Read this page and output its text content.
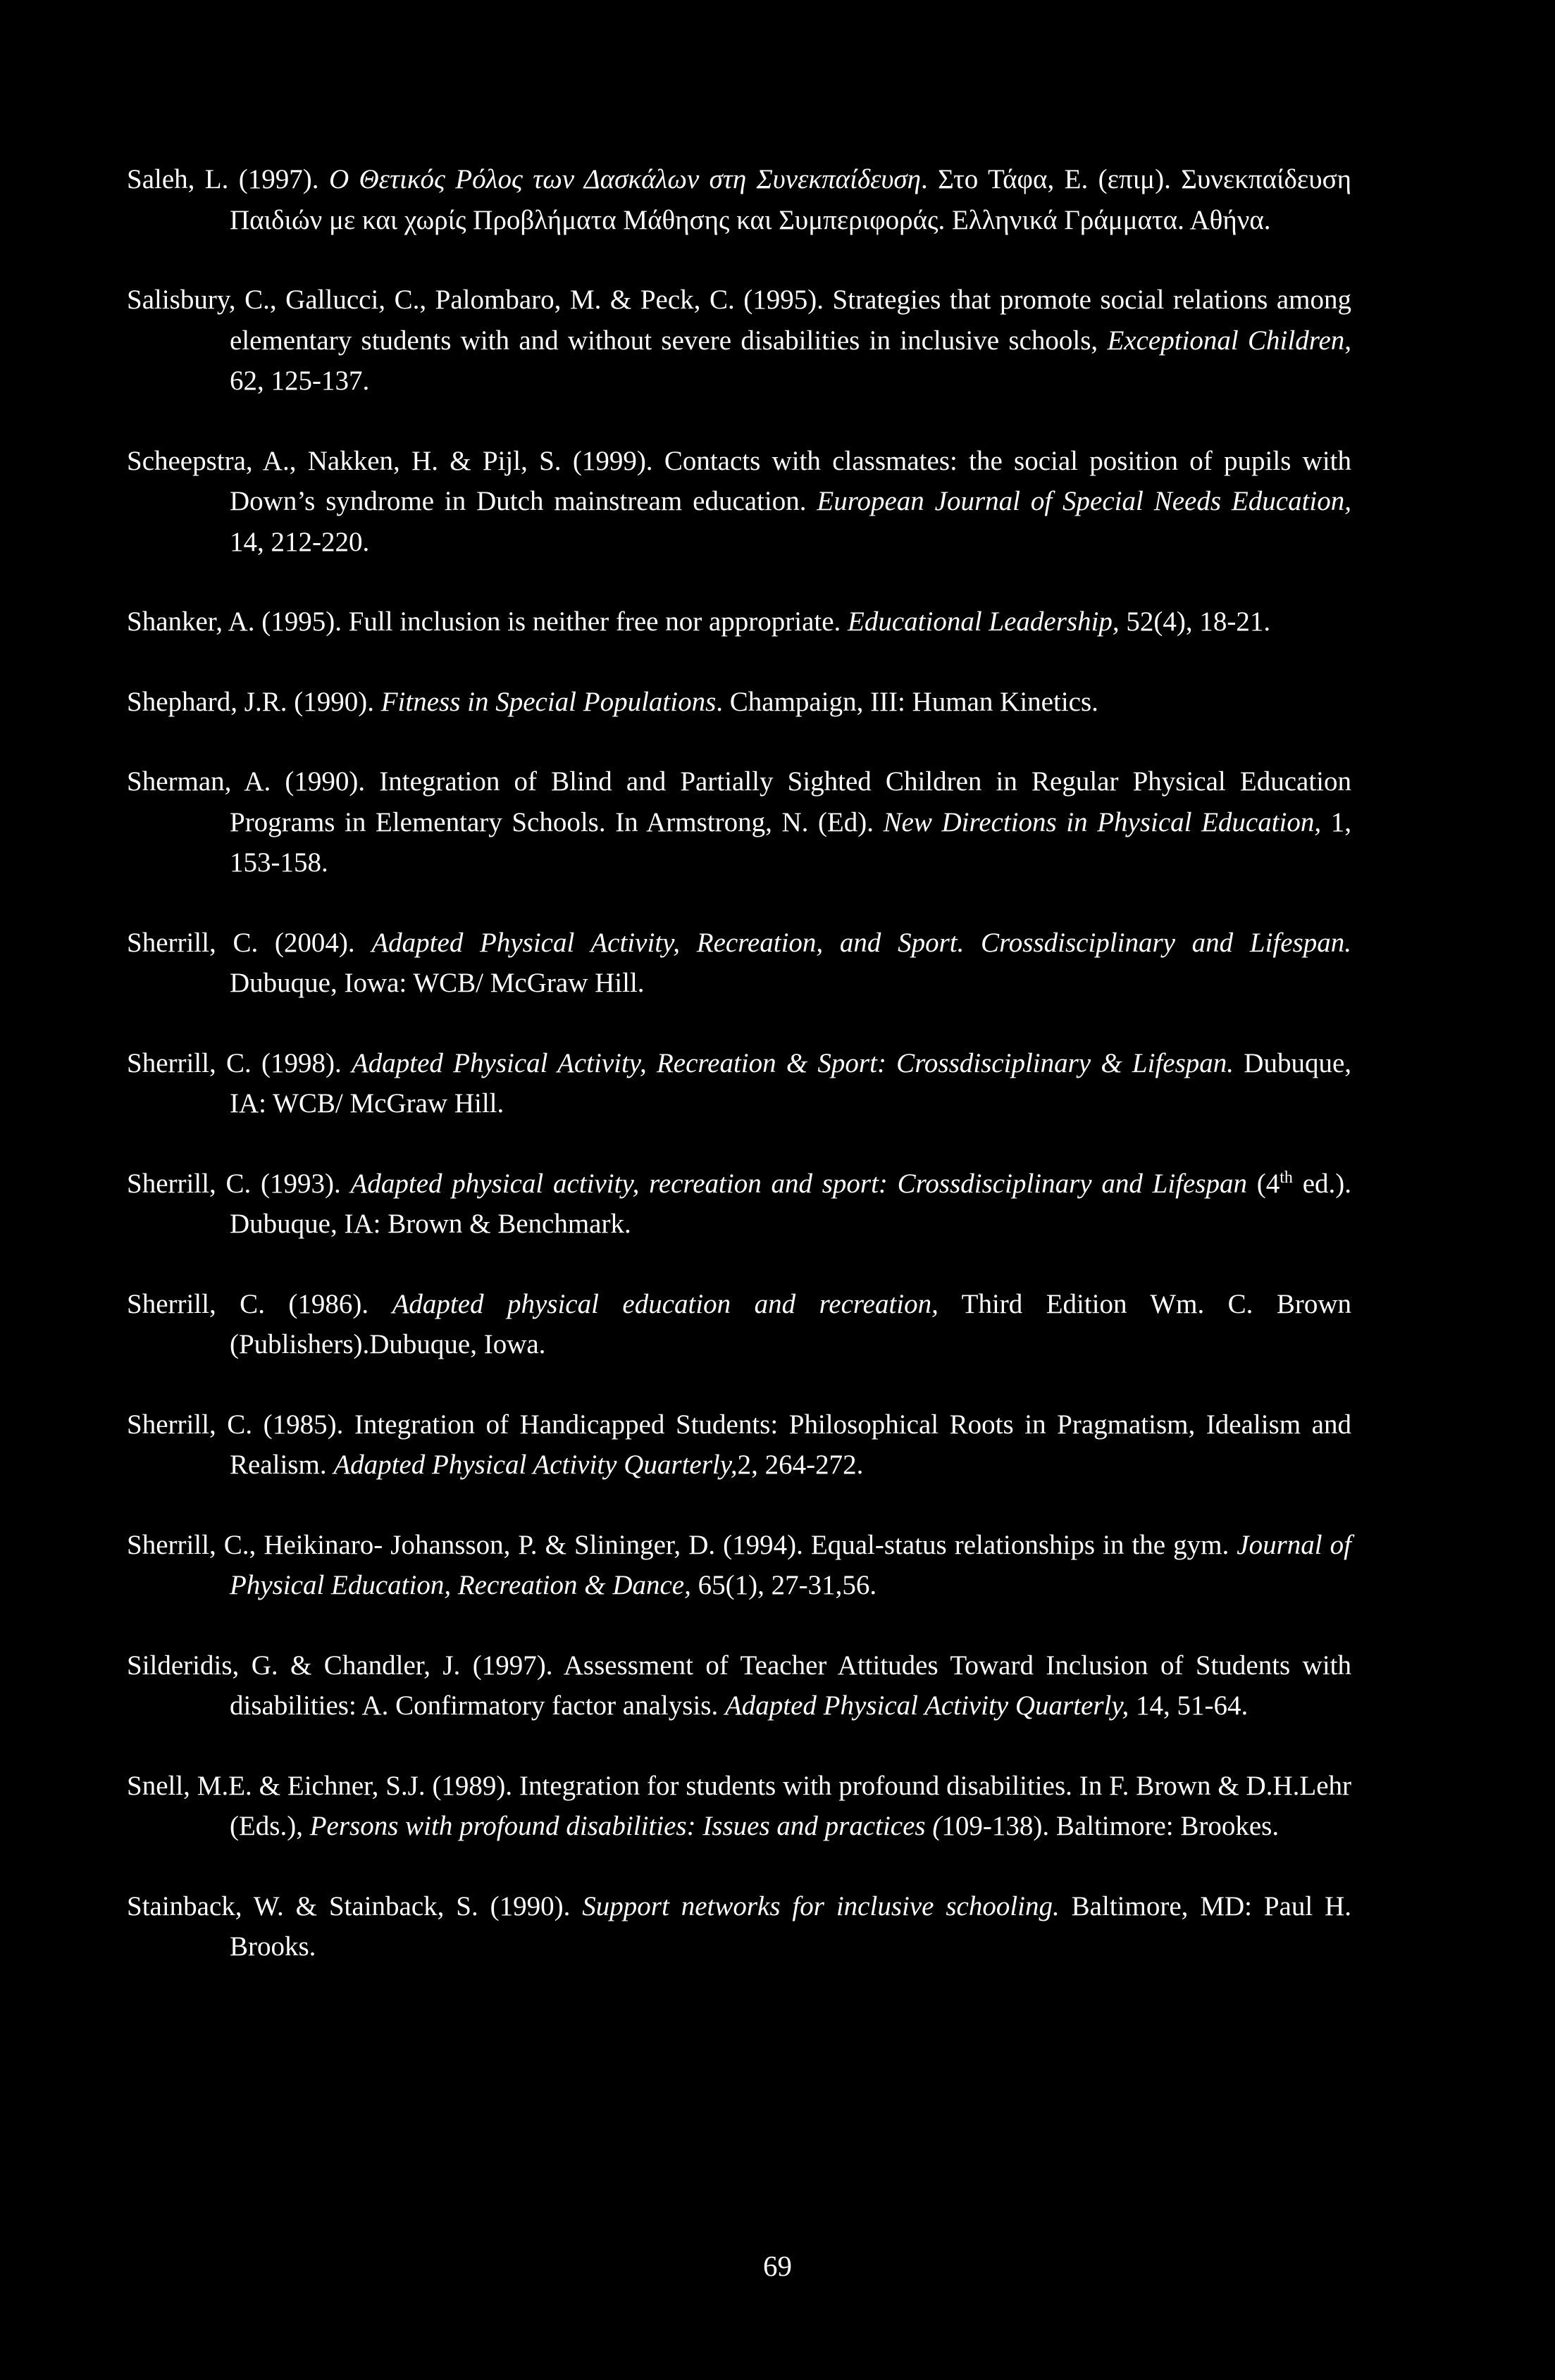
Saleh, L. (1997). Ο Θετικός Ρόλος των Δασκάλων στη Συνεκπαίδευση. Στο Τάφα, Ε. (επιμ). Συνεκπαίδευση Παιδιών με και χωρίς Προβλήματα Μάθησης και Συμπεριφοράς. Ελληνικά Γράμματα. Αθήνα.
Salisbury, C., Gallucci, C., Palombaro, M. & Peck, C. (1995). Strategies that promote social relations among elementary students with and without severe disabilities in inclusive schools, Exceptional Children, 62, 125-137.
Scheepstra, A., Nakken, H. & Pijl, S. (1999). Contacts with classmates: the social position of pupils with Down’s syndrome in Dutch mainstream education. European Journal of Special Needs Education, 14, 212-220.
Shanker, A. (1995). Full inclusion is neither free nor appropriate. Educational Leadership, 52(4), 18-21.
Shephard, J.R. (1990). Fitness in Special Populations. Champaign, III: Human Kinetics.
Sherman, A. (1990). Integration of Blind and Partially Sighted Children in Regular Physical Education Programs in Elementary Schools. In Armstrong, N. (Ed). New Directions in Physical Education, 1, 153-158.
Sherrill, C. (2004). Adapted Physical Activity, Recreation, and Sport. Crossdisciplinary and Lifespan. Dubuque, Iowa: WCB/ McGraw Hill.
Sherrill, C. (1998). Adapted Physical Activity, Recreation & Sport: Crossdisciplinary & Lifespan. Dubuque, IA: WCB/ McGraw Hill.
Sherrill, C. (1993). Adapted physical activity, recreation and sport: Crossdisciplinary and Lifespan (4th ed.). Dubuque, IA: Brown & Benchmark.
Sherrill, C. (1986). Adapted physical education and recreation, Third Edition Wm. C. Brown (Publishers).Dubuque, Iowa.
Sherrill, C. (1985). Integration of Handicapped Students: Philosophical Roots in Pragmatism, Idealism and Realism. Adapted Physical Activity Quarterly,2, 264-272.
Sherrill, C., Heikinaro- Johansson, P. & Slininger, D. (1994). Equal-status relationships in the gym. Journal of Physical Education, Recreation & Dance, 65(1), 27-31,56.
Silderidis, G. & Chandler, J. (1997). Assessment of Teacher Attitudes Toward Inclusion of Students with disabilities: A. Confirmatory factor analysis. Adapted Physical Activity Quarterly, 14, 51-64.
Snell, M.E. & Eichner, S.J. (1989). Integration for students with profound disabilities. In F. Brown & D.H.Lehr (Eds.), Persons with profound disabilities: Issues and practices (109-138). Baltimore: Brookes.
Stainback, W. & Stainback, S. (1990). Support networks for inclusive schooling. Baltimore, MD: Paul H. Brooks.
69
